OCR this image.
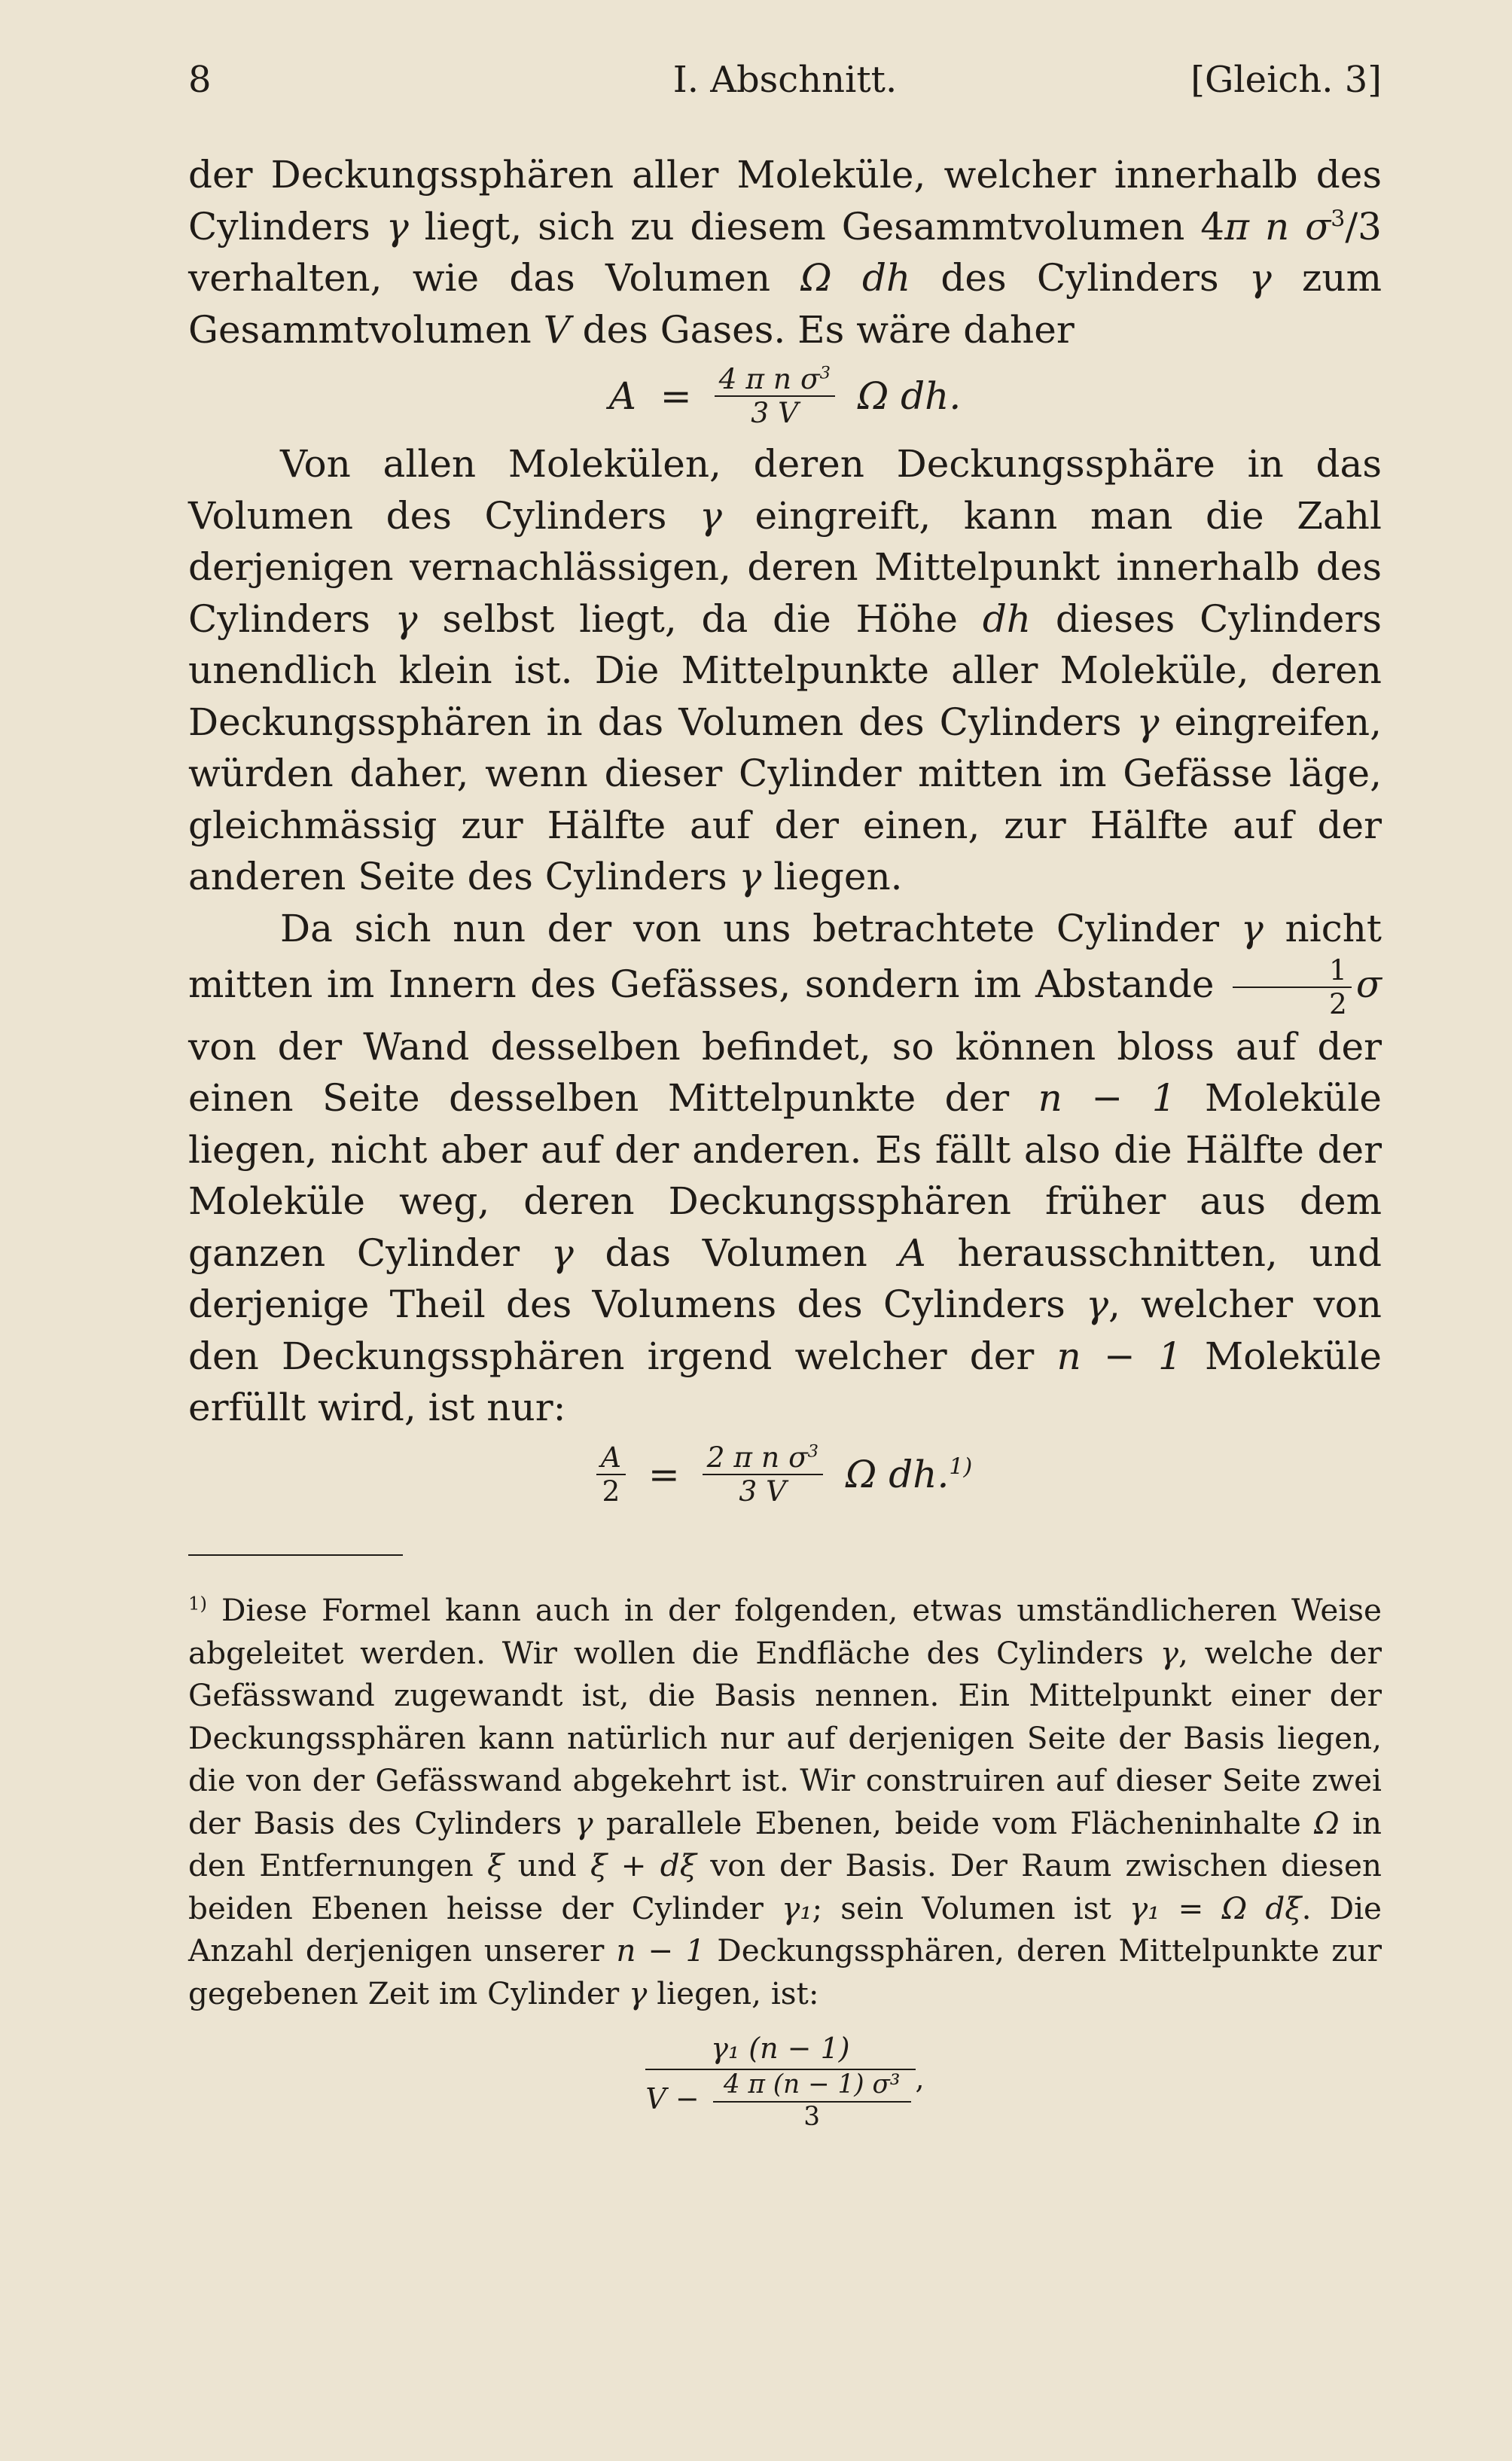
8	I. Abschnitt.	[Gleich. 3]

der Deckungssphären aller Moleküle, welcher innerhalb des Cylinders γ liegt, sich zu diesem Gesammtvolumen 4π n $\sigma^3/3$ verhalten, wie das Volumen Ω dh des Cylinders γ zum Gesammtvolumen V des Gases. Es wäre daher

$A = \frac{4 \pi n \sigma^3}{3 V}$ Ω dh.

Von allen Molekülen, deren Deckungssphäre in das Volumen des Cylinders γ eingreift, kann man die Zahl derjenigen vernachlässigen, deren Mittelpunkt innerhalb des Cylinders γ selbst liegt, da die Höhe dh dieses Cylinders unendlich klein ist. Die Mittelpunkte aller Moleküle, deren Deckungssphären in das Volumen des Cylinders γ eingreifen, würden daher, wenn dieser Cylinder mitten im Gefässe läge, gleichmässig zur Hälfte auf der einen, zur Hälfte auf der anderen Seite des Cylinders γ liegen.

Da sich nun der von uns betrachtete Cylinder γ nicht mitten im Innern des Gefässes, sondern im Abstande $\frac{1}{2}$ σ von der Wand desselben befindet, so können bloss auf der einen Seite desselben Mittelpunkte der n − 1 Moleküle liegen, nicht aber auf der anderen. Es fällt also die Hälfte der Moleküle weg, deren Deckungssphären früher aus dem ganzen Cylinder γ das Volumen A herausschnitten, und derjenige Theil des Volumens des Cylinders γ, welcher von den Deckungssphären irgend welcher der n − 1 Moleküle erfüllt wird, ist nur:

$\frac{A}{2} = \frac{2 \pi n \sigma^3}{3 V}$ Ω dh.$^{1)}$

$^{1)}$ Diese Formel kann auch in der folgenden, etwas umständlicheren Weise abgeleitet werden. Wir wollen die Endfläche des Cylinders γ, welche der Gefässwand zugewandt ist, die Basis nennen. Ein Mittelpunkt einer der Deckungssphären kann natürlich nur auf derjenigen Seite der Basis liegen, die von der Gefässwand abgekehrt ist. Wir construiren auf dieser Seite zwei der Basis des Cylinders γ parallele Ebenen, beide vom Flächeninhalte Ω in den Entfernungen ξ und ξ + dξ von der Basis. Der Raum zwischen diesen beiden Ebenen heisse der Cylinder γ₁; sein Volumen ist γ₁ = Ω dξ. Die Anzahl derjenigen unserer n − 1 Deckungssphären, deren Mittelpunkte zur gegebenen Zeit im Cylinder γ liegen, ist:

$\frac{\text{γ₁ (n − 1)}}{V - \frac{\text{4 π (n − 1) σ³}}{3}}$ ,
